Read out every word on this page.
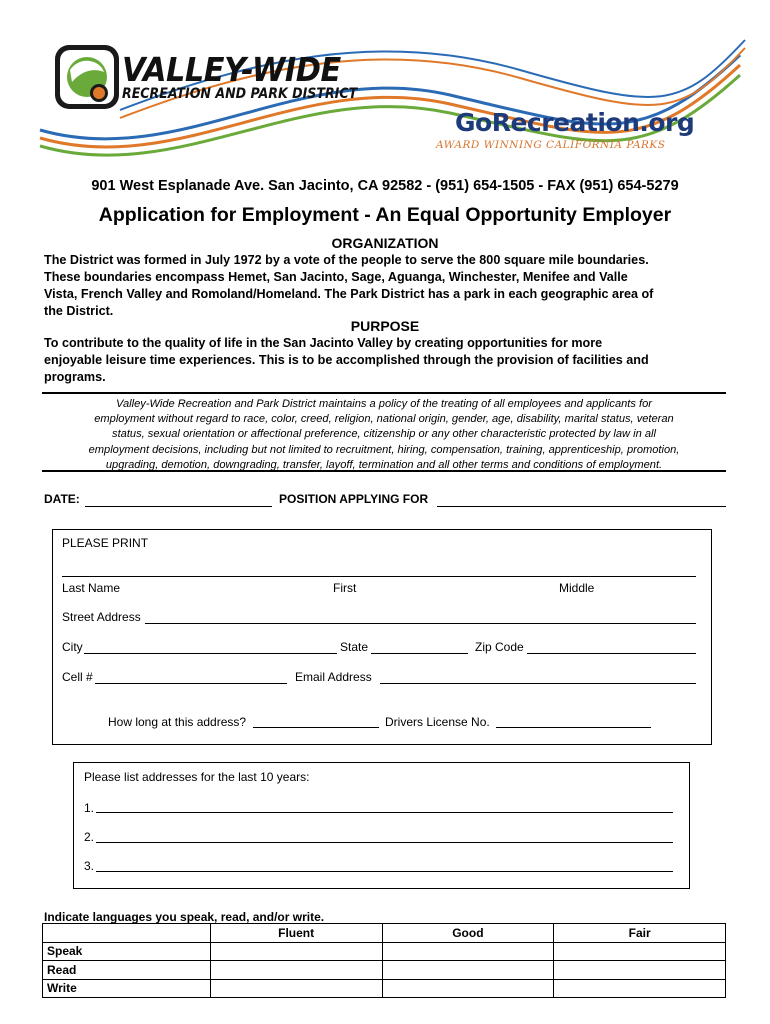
VALLEY-WIDE
RECREATION AND PARK DISTRICT
GoRecreation.org
AWARD WINNING CALIFORNIA PARKS
901 West Esplanade Ave. San Jacinto, CA 92582 - (951) 654-1505 - FAX (951) 654-5279
Application for Employment - An Equal Opportunity Employer
ORGANIZATION
The District was formed in July 1972 by a vote of the people to serve the 800 square mile boundaries.
These boundaries encompass Hemet, San Jacinto, Sage, Aguanga, Winchester, Menifee and Valle
Vista, French Valley and Romoland/Homeland. The Park District has a park in each geographic area of
the District.
PURPOSE
To contribute to the quality of life in the San Jacinto Valley by creating opportunities for more
enjoyable leisure time experiences. This is to be accomplished through the provision of facilities and
programs.
Valley-Wide Recreation and Park District maintains a policy of the treating of all employees and applicants for
employment without regard to race, color, creed, religion, national origin, gender, age, disability, marital status, veteran
status, sexual orientation or affectional preference, citizenship or any other characteristic protected by law in all
employment decisions, including but not limited to recruitment, hiring, compensation, training, apprenticeship, promotion,
upgrading, demotion, downgrading, transfer, layoff, termination and all other terms and conditions of employment.
DATE:	POSITION APPLYING FOR
PLEASE PRINT
Last Name	First	Middle
Street Address
City	State	Zip Code
Cell #	Email Address
How long at this address?	Drivers License No.
Please list addresses for the last 10 years:
1.
2.
3.
Indicate languages you speak, read, and/or write.
	Fluent	Good	Fair
Speak			
Read			
Write			
